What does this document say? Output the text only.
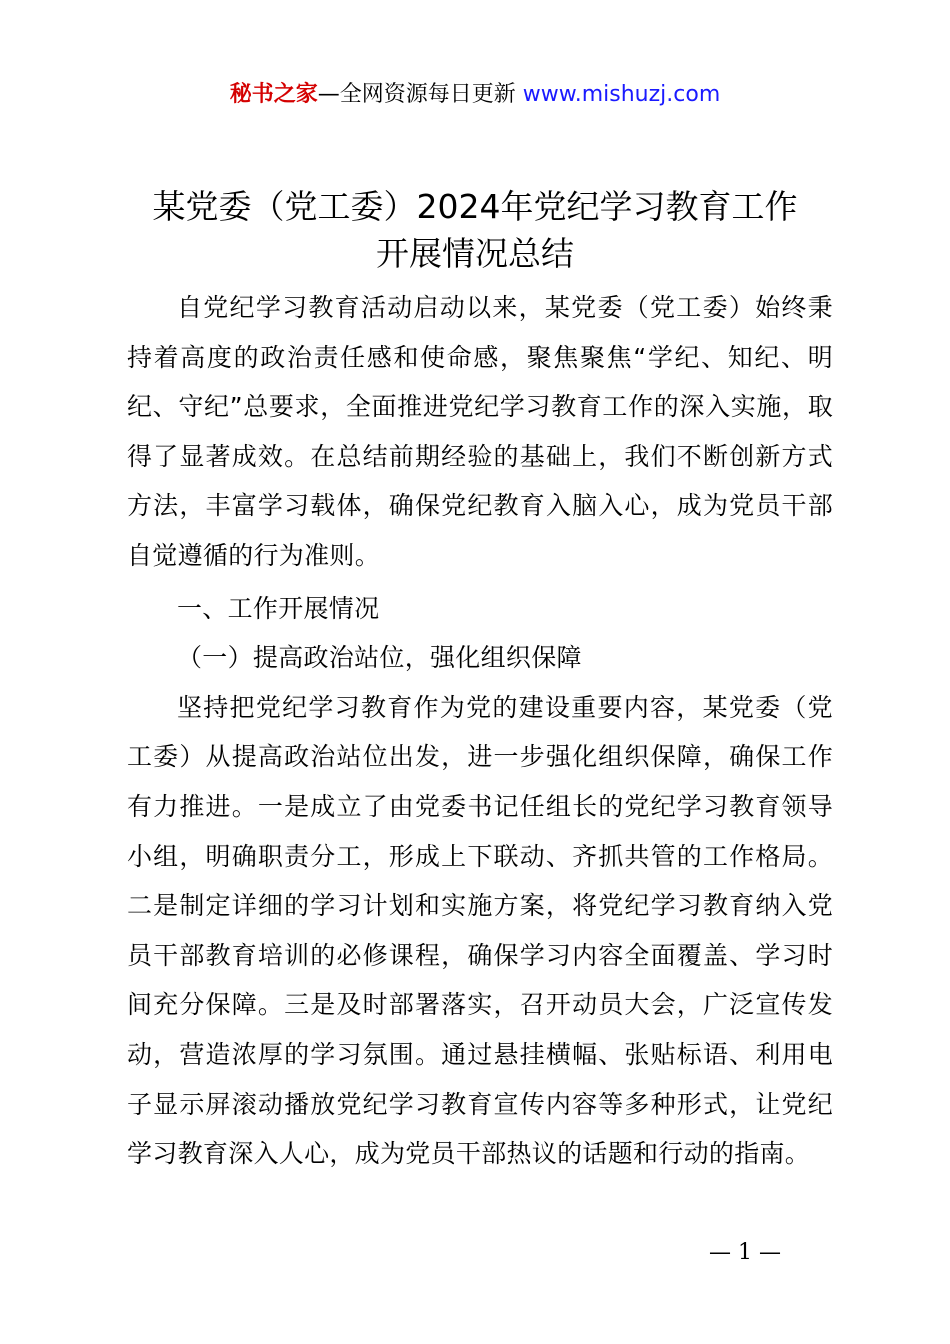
秘书之家—全网资源每日更新 www.mishuzj.com
某党委（党工委）2024年党纪学习教育工作
开展情况总结

自党纪学习教育活动启动以来，某党委（党工委）始终秉持着高度的政治责任感和使命感，聚焦聚焦“学纪、知纪、明纪、守纪”总要求，全面推进党纪学习教育工作的深入实施，取得了显著成效。在总结前期经验的基础上，我们不断创新方式方法，丰富学习载体，确保党纪教育入脑入心，成为党员干部自觉遵循的行为准则。

一、工作开展情况

（一）提高政治站位，强化组织保障

坚持把党纪学习教育作为党的建设重要内容，某党委（党工委）从提高政治站位出发，进一步强化组织保障，确保工作有力推进。一是成立了由党委书记任组长的党纪学习教育领导小组，明确职责分工，形成上下联动、齐抓共管的工作格局。二是制定详细的学习计划和实施方案，将党纪学习教育纳入党员干部教育培训的必修课程，确保学习内容全面覆盖、学习时间充分保障。三是及时部署落实，召开动员大会，广泛宣传发动，营造浓厚的学习氛围。通过悬挂横幅、张贴标语、利用电子显示屏滚动播放党纪学习教育宣传内容等多种形式，让党纪学习教育深入人心，成为党员干部热议的话题和行动的指南。

— 1 —
